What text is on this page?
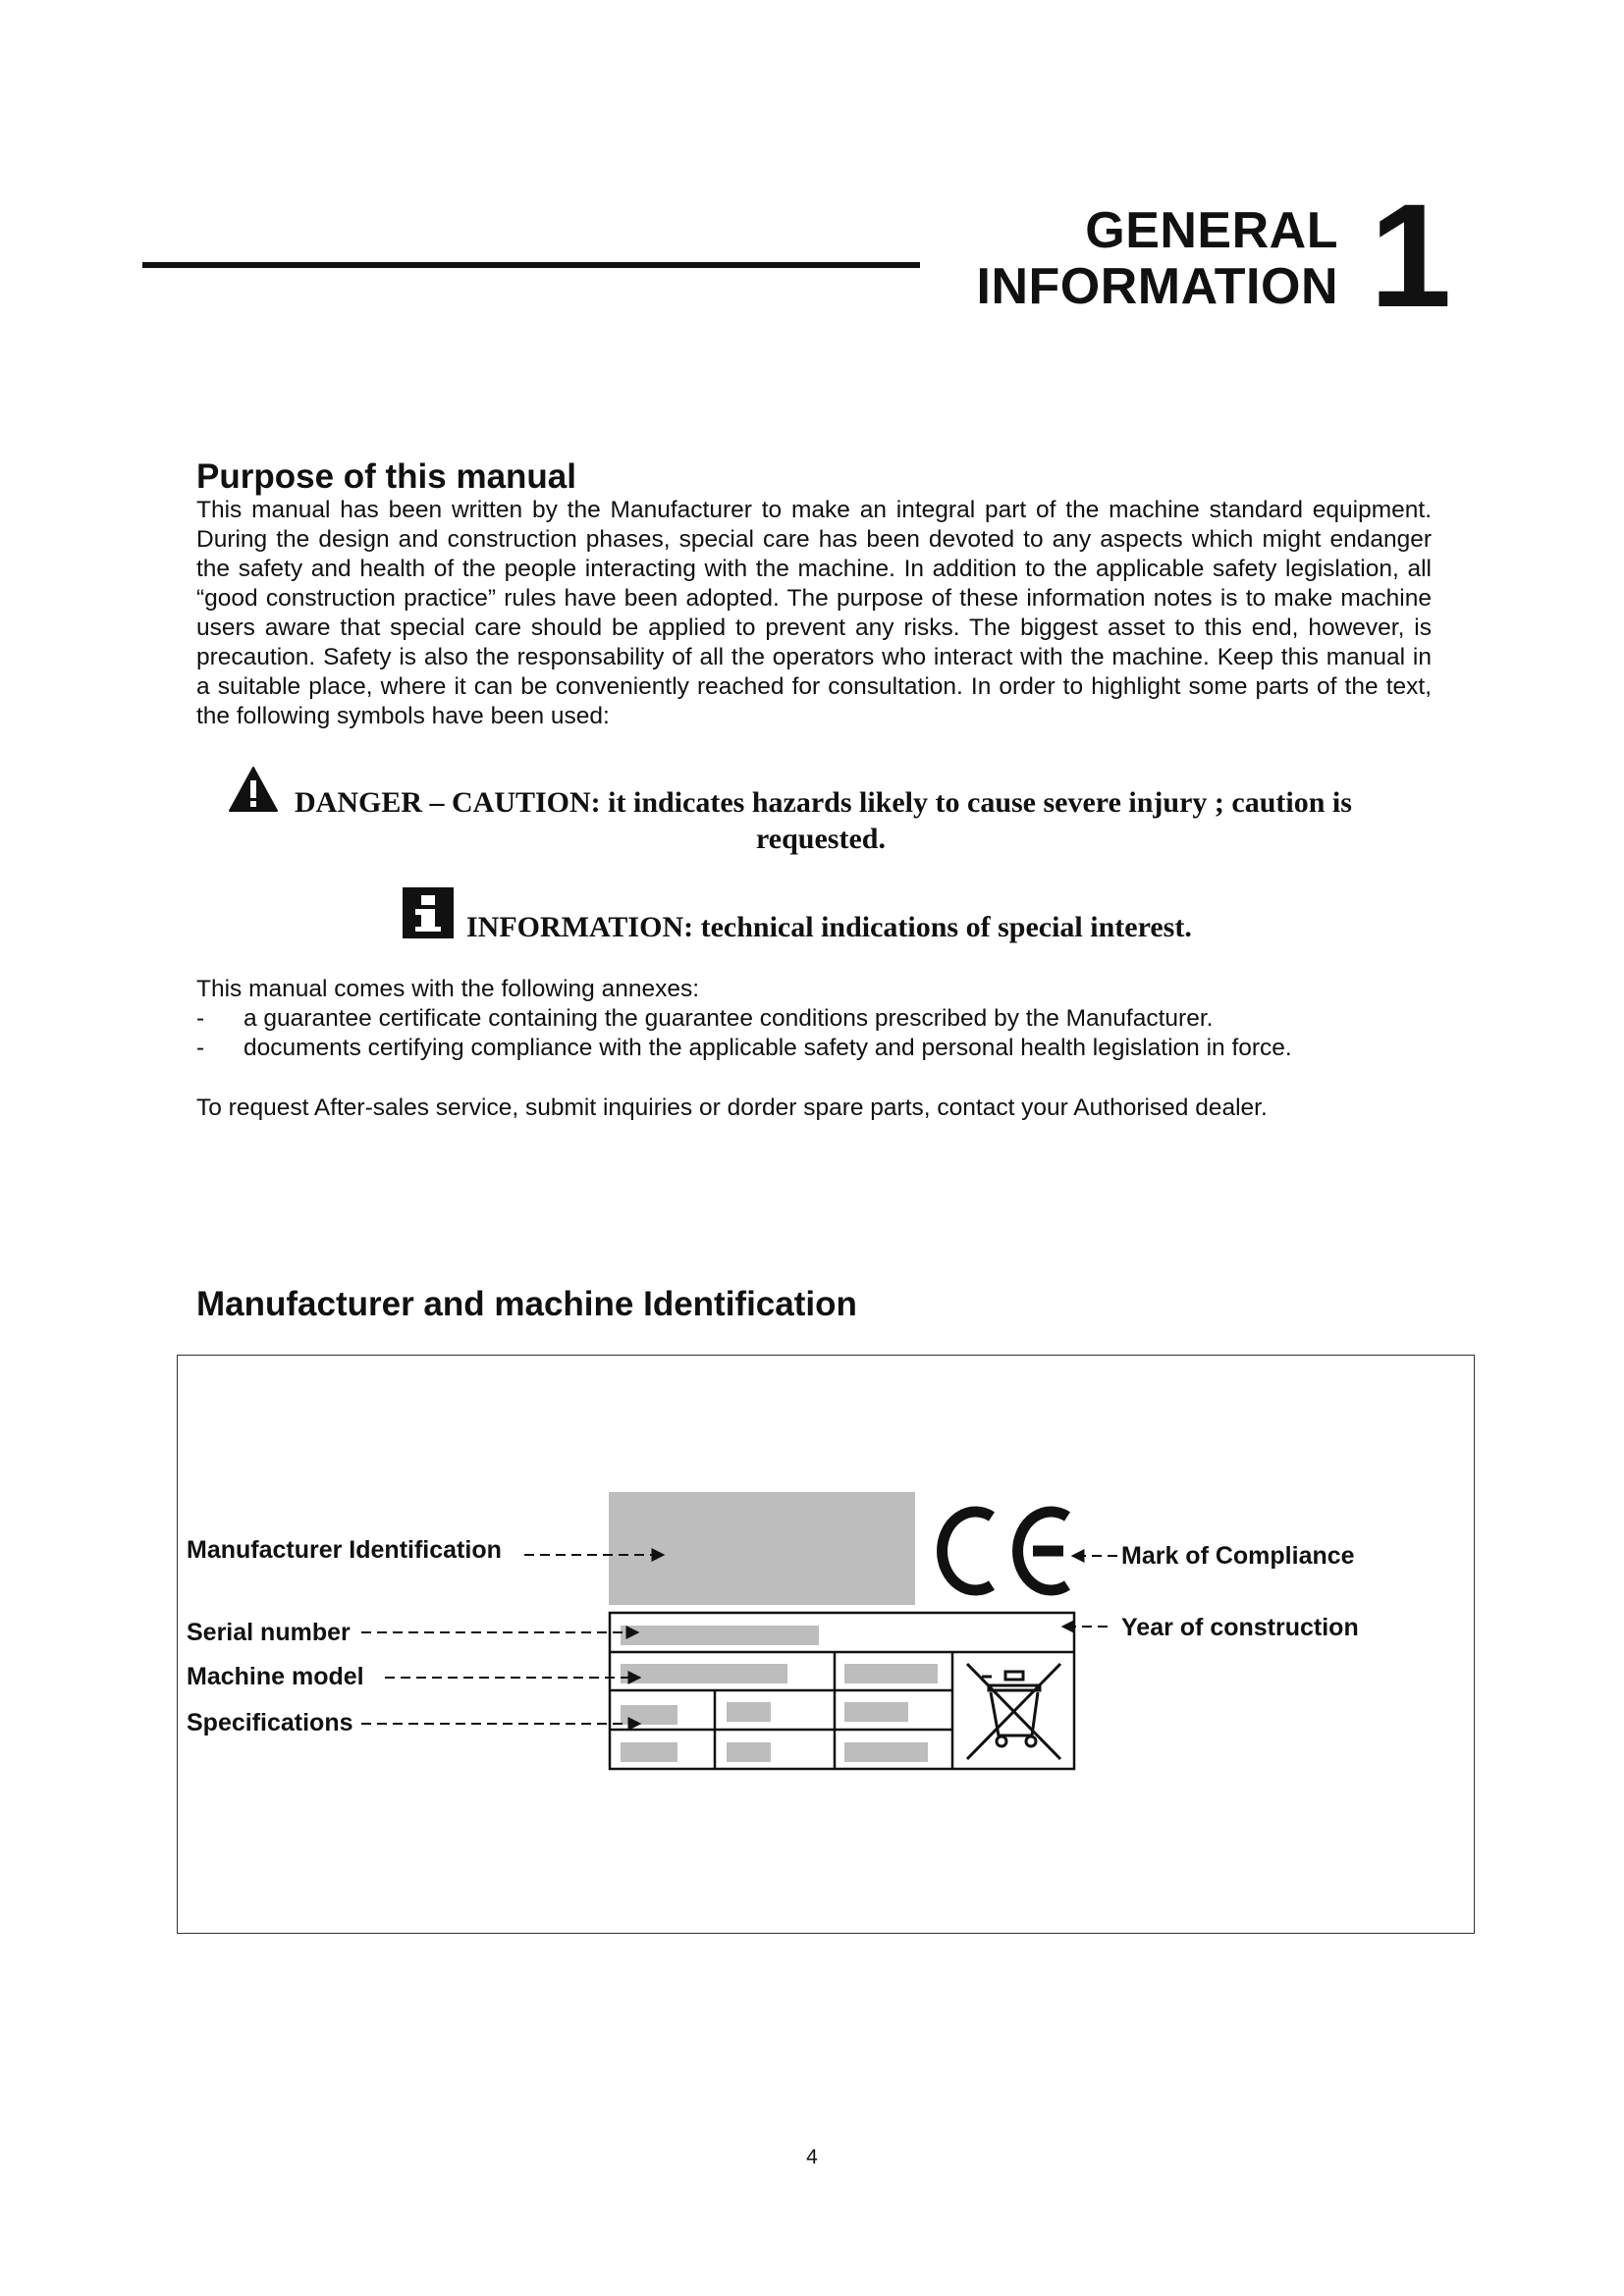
GENERAL
INFORMATION 1
Purpose of this manual
This manual has been written by the Manufacturer to make an integral part of the machine standard equipment. During the design and construction phases, special care has been devoted to any aspects which might endanger the safety and health of the people interacting with the machine. In addition to the applicable safety legislation, all “good construction practice” rules have been adopted. The purpose of these information notes is to make machine users aware that special care should be applied to prevent any risks. The biggest asset to this end, however, is precaution. Safety is also the responsability of all the operators who interact with the machine. Keep this manual in a suitable place, where it can be conveniently reached for consultation. In order to highlight some parts of the text, the following symbols have been used:
DANGER – CAUTION: it indicates hazards likely to cause severe injury ; caution is
requested.
INFORMATION: technical indications of special interest.
This manual comes with the following annexes:
- a guarantee certificate containing the guarantee conditions prescribed by the Manufacturer.
- documents certifying compliance with the applicable safety and personal health legislation in force.
To request After-sales service, submit inquiries or dorder spare parts, contact your Authorised dealer.
Manufacturer and machine Identification
Manufacturer Identification
Serial number
Machine model
Specifications
Mark of Compliance
Year of construction
4
